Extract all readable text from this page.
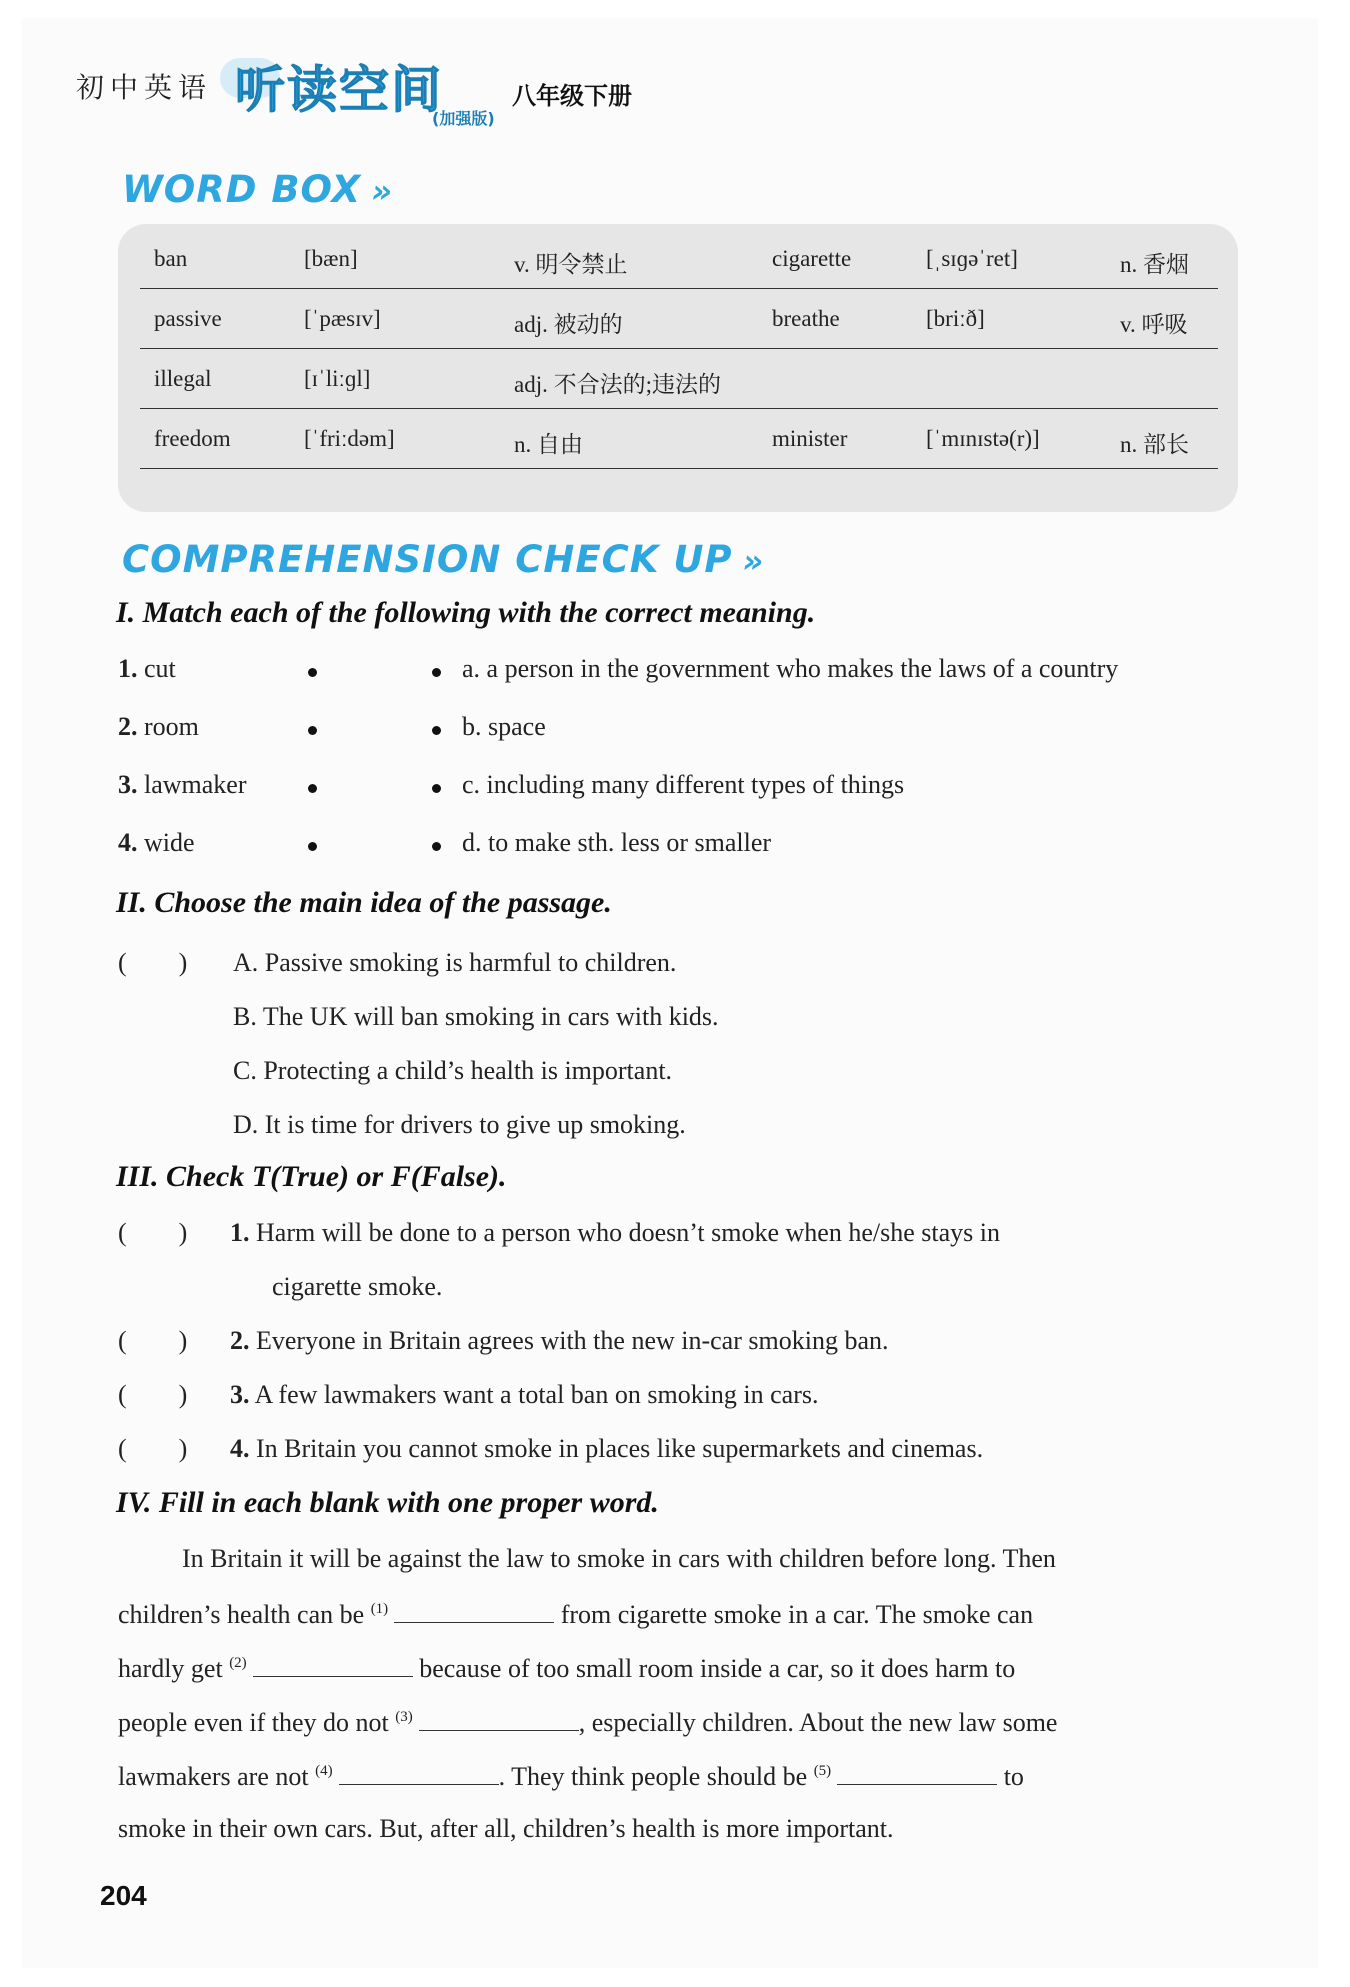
初中英语 听读空间
(加强版)
八年级下册
WORD BOX »
ban	[bæn]	v. 明令禁止	cigarette	[ˌsɪɡəˈret]	n. 香烟
passive	[ˈpæsɪv]	adj. 被动的	breathe	[briːð]	v. 呼吸
illegal	[ɪˈliːɡl]	adj. 不合法的;违法的
freedom	[ˈfriːdəm]	n. 自由	minister	[ˈmɪnɪstə(r)]	n. 部长
COMPREHENSION CHECK UP »
I. Match each of the following with the correct meaning.
1. cut	a. a person in the government who makes the laws of a country
2. room	b. space
3. lawmaker	c. including many different types of things
4. wide	d. to make sth. less or smaller
II. Choose the main idea of the passage.
(        ) A. Passive smoking is harmful to children.
B. The UK will ban smoking in cars with kids.
C. Protecting a child’s health is important.
D. It is time for drivers to give up smoking.
III. Check T(True) or F(False).
(        ) 1. Harm will be done to a person who doesn’t smoke when he/she stays in
cigarette smoke.
(        ) 2. Everyone in Britain agrees with the new in-car smoking ban.
(        ) 3. A few lawmakers want a total ban on smoking in cars.
(        ) 4. In Britain you cannot smoke in places like supermarkets and cinemas.
IV. Fill in each blank with one proper word.
In Britain it will be against the law to smoke in cars with children before long. Then
children’s health can be $^{(1)}$	from cigarette smoke in a car. The smoke can
hardly get $^{(2)}$	because of too small room inside a car, so it does harm to
people even if they do not $^{(3)}$	, especially children. About the new law some
lawmakers are not $^{(4)}$	. They think people should be $^{(5)}$	to
smoke in their own cars. But, after all, children’s health is more important.
204
